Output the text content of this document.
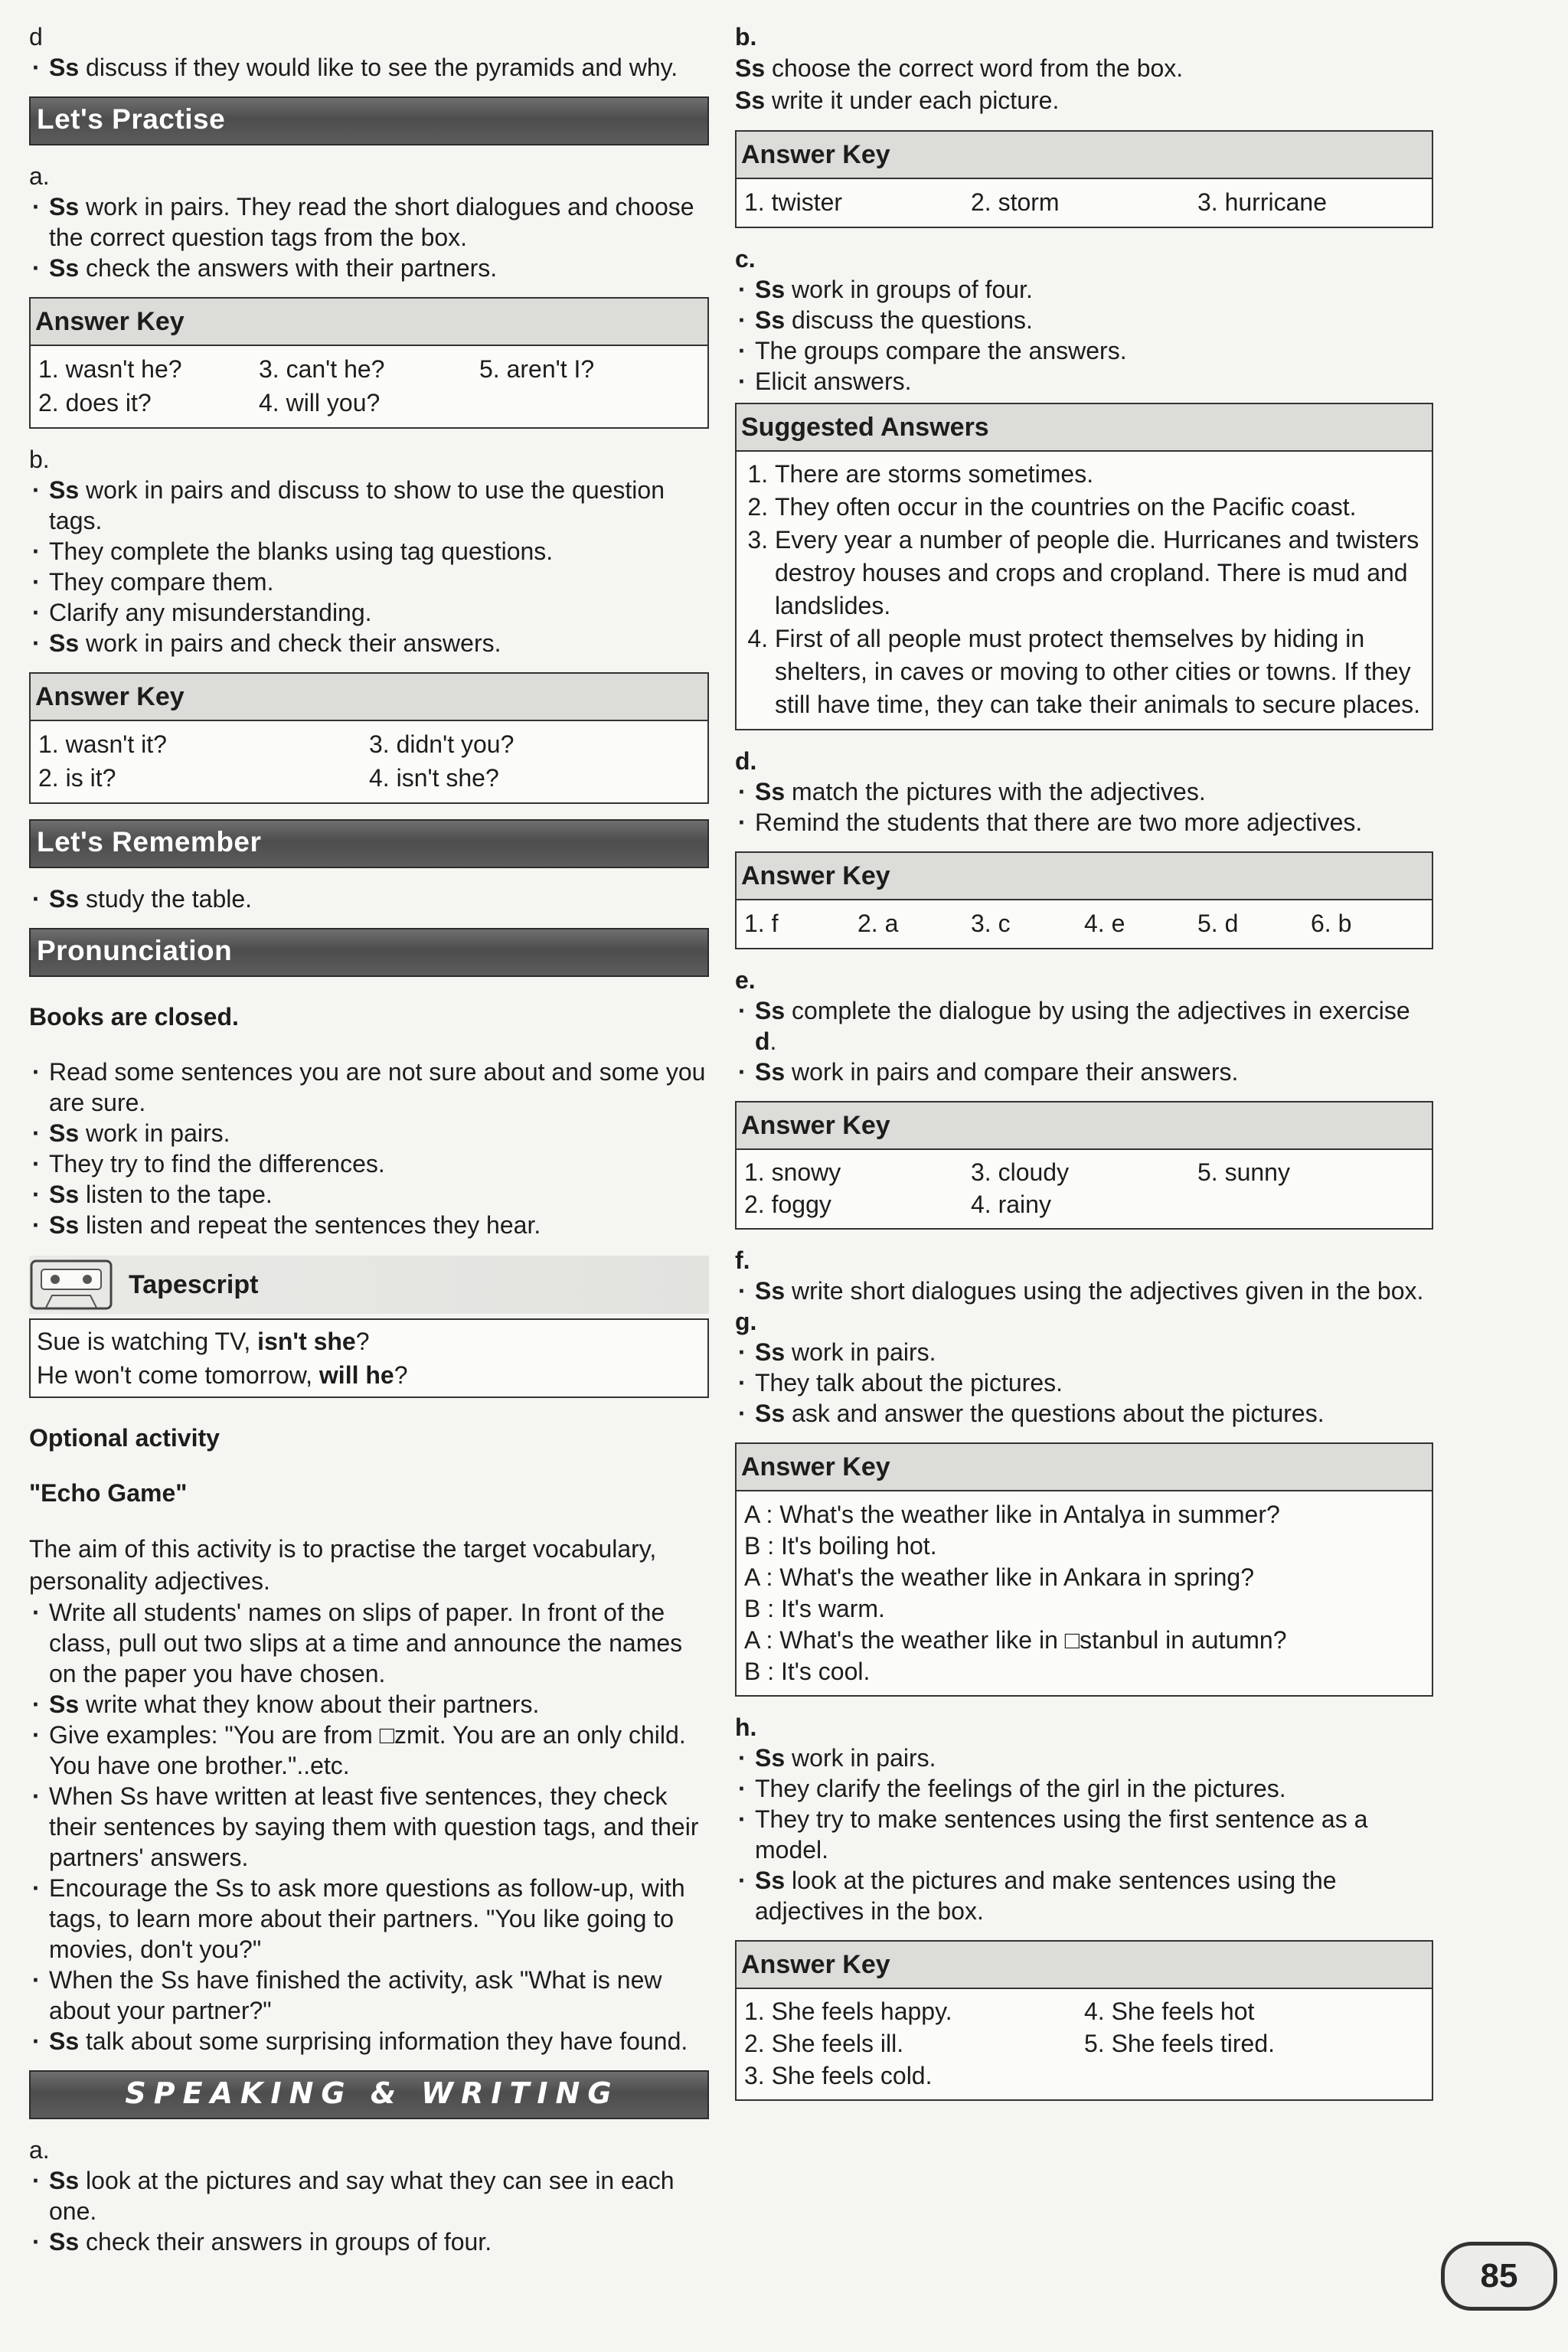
d

· Ss discuss if they would like to see the pyramids and why.
Let's Practise

a.

· Ss work in pairs. They read the short dialogues and choose the correct question tags from the box.
· Ss check the answers with their partners.
Answer Key
1. wasn't he?	3. can't he?	5. aren't I?
2. does it?	4. will you?

b.

· Ss work in pairs and discuss to show to use the question tags.
· They complete the blanks using tag questions.
· They compare them.
· Clarify any misunderstanding.
· Ss work in pairs and check their answers.
Answer Key
1. wasn't it?	3. didn't you?
2. is it?	4. isn't she?
Let's Remember
· Ss study the table.
Pronunciation

Books are closed.

· Read some sentences you are not sure about and some you are sure.
· Ss work in pairs.
· They try to find the differences.
· Ss listen to the tape.
· Ss listen and repeat the sentences they hear.
Tapescript
Sue is watching TV, isn't she?
He won't come tomorrow, will he?

Optional activity

"Echo Game"

The aim of this activity is to practise the target vocabulary, personality adjectives.

· Write all students' names on slips of paper. In front of the class, pull out two slips at a time and announce the names on the paper you have chosen.
· Ss write what they know about their partners.
· Give examples: "You are from □zmit. You are an only child. You have one brother."..etc.
· When Ss have written at least five sentences, they check their sentences by saying them with question tags, and their partners' answers.
· Encourage the Ss to ask more questions as follow-up, with tags, to learn more about their partners. "You like going to movies, don't you?"
· When the Ss have finished the activity, ask "What is new about your partner?"
· Ss talk about some surprising information they have found.
SPEAKING & WRITING

a.

· Ss look at the pictures and say what they can see in each one.
· Ss check their answers in groups of four.

b.

Ss choose the correct word from the box.

Ss write it under each picture.

Answer Key
1. twister	2. storm	3. hurricane

c.

· Ss work in groups of four.
· Ss discuss the questions.
· The groups compare the answers.
· Elicit answers.
Suggested Answers
1. There are storms sometimes.
2. They often occur in the countries on the Pacific coast.
3. Every year a number of people die. Hurricanes and twisters destroy houses and crops and cropland. There is mud and landslides.
4. First of all people must protect themselves by hiding in shelters, in caves or moving to other cities or towns. If they still have time, they can take their animals to secure places.

d.

· Ss match the pictures with the adjectives.
· Remind the students that there are two more adjectives.
Answer Key
1. f	2. a	3. c	4. e	5. d	6. b

e.

· Ss complete the dialogue by using the adjectives in exercise d.
· Ss work in pairs and compare their answers.
Answer Key
1. snowy	3. cloudy	5. sunny
2. foggy	4. rainy

f.

· Ss write short dialogues using the adjectives given in the box.

g.

· Ss work in pairs.
· They talk about the pictures.
· Ss ask and answer the questions about the pictures.
Answer Key
A : What's the weather like in Antalya in summer?
B : It's boiling hot.
A : What's the weather like in Ankara in spring?
B : It's warm.
A : What's the weather like in □stanbul in autumn?
B : It's cool.

h.

· Ss work in pairs.
· They clarify the feelings of the girl in the pictures.
· They try to make sentences using the first sentence as a model.
· Ss look at the pictures and make sentences using the adjectives in the box.
Answer Key
1. She feels happy.	4. She feels hot
2. She feels ill.	5. She feels tired.
3. She feels cold.
85
